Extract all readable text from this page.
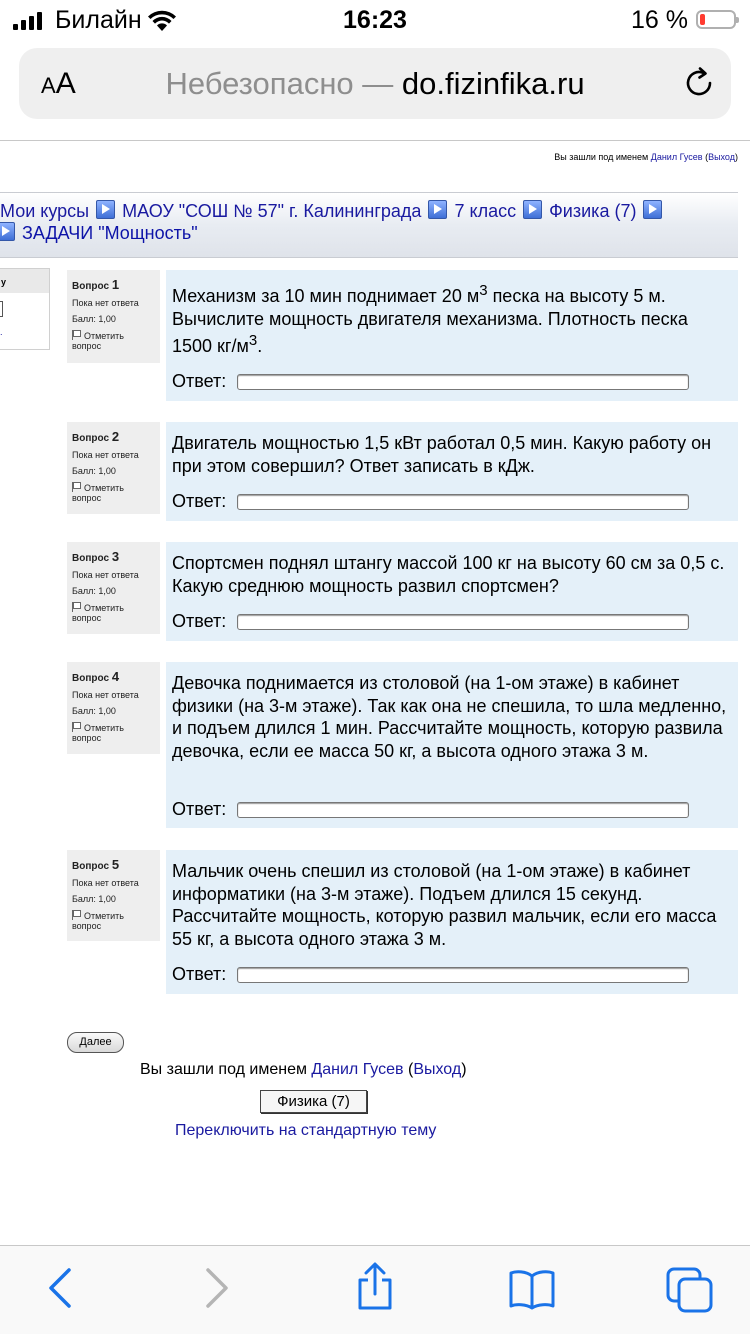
Билайн	16:23	16 %
AA	Небезопасно — do.fizinfika.ru
Вы зашли под именем Данил Гусев (Выход)
Мои курсы МАОУ "СОШ № 57" г. Калининграда 7 класс Физика (7)
ЗАДАЧИ "Мощность"
у
.
Вопрос 1
Пока нет ответа
Балл: 1,00
Отметить вопрос
Механизм за 10 мин поднимает 20 $м^3$ песка на высоту 5 м. Вычислите мощность двигателя механизма. Плотность песка 1500 $кг/м^3$.
Ответ:
Вопрос 2
Пока нет ответа
Балл: 1,00
Отметить вопрос
Двигатель мощностью 1,5 кВт работал 0,5 мин. Какую работу он при этом совершил? Ответ записать в кДж.
Ответ:
Вопрос 3
Пока нет ответа
Балл: 1,00
Отметить вопрос
Спортсмен поднял штангу массой 100 кг на высоту 60 см за 0,5 с. Какую среднюю мощность развил спортсмен?
Ответ:
Вопрос 4
Пока нет ответа
Балл: 1,00
Отметить вопрос
Девочка поднимается из столовой (на 1-ом этаже) в кабинет физики (на 3-м этаже). Так как она не спешила, то шла медленно, и подъем длился 1 мин. Рассчитайте мощность, которую развила девочка, если ее масса 50 кг, а высота одного этажа 3 м.
Ответ:
Вопрос 5
Пока нет ответа
Балл: 1,00
Отметить вопрос
Мальчик очень спешил из столовой (на 1-ом этаже) в кабинет информатики (на 3-м этаже). Подъем длился 15 секунд. Рассчитайте мощность, которую развил мальчик, если его масса 55 кг, а высота одного этажа 3 м.
Ответ:
Далее
Вы зашли под именем Данил Гусев (Выход)
Физика (7)
Переключить на стандартную тему
